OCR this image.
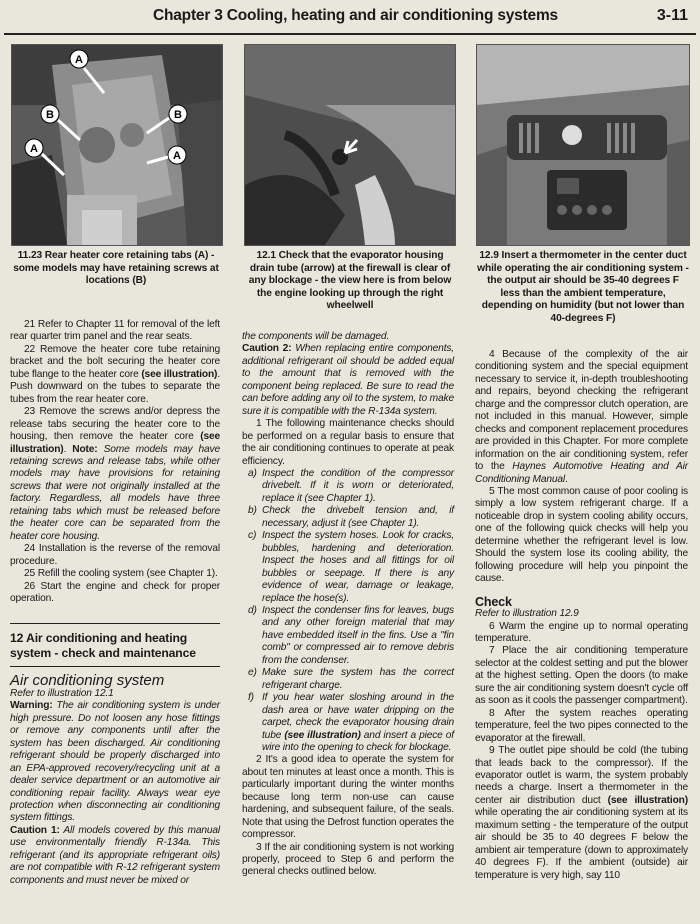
Chapter 3 Cooling, heating and air conditioning systems	3-11
A
B
A
B
A
11.23 Rear heater core retaining tabs (A) - some models may have retaining screws at locations (B)
12.1 Check that the evaporator housing drain tube (arrow) at the firewall is clear of any blockage - the view here is from below the engine looking up through the right wheelwell
12.9 Insert a thermometer in the center duct while operating the air conditioning system - the output air should be 35-40 degrees F less than the ambient temperature, depending on humidity (but not lower than 40-degrees F)

21 Refer to Chapter 11 for removal of the left rear quarter trim panel and the rear seats.

22 Remove the heater core tube retaining bracket and the bolt securing the heater core tube flange to the heater core (see illustration). Push downward on the tubes to separate the tubes from the rear heater core.

23 Remove the screws and/or depress the release tabs securing the heater core to the housing, then remove the heater core (see illustration). Note: Some models may have retaining screws and release tabs, while other models may have provisions for retaining screws that were not originally installed at the factory. Regardless, all models have three retaining tabs which must be released before the heater core can be separated from the heater core housing.

24 Installation is the reverse of the removal procedure.

25 Refill the cooling system (see Chapter 1).

26 Start the engine and check for proper operation.

12 Air conditioning and heating system - check and maintenance

Air conditioning system

Refer to illustration 12.1

Warning: The air conditioning system is under high pressure. Do not loosen any hose fittings or remove any components until after the system has been discharged. Air conditioning refrigerant should be properly discharged into an EPA-approved recovery/recycling unit at a dealer service department or an automotive air conditioning repair facility. Always wear eye protection when disconnecting air conditioning system fittings.

Caution 1: All models covered by this manual use environmentally friendly R-134a. This refrigerant (and its appropriate refrigerant oils) are not compatible with R-12 refrigerant system components and must never be mixed or

the components will be damaged.

Caution 2: When replacing entire components, additional refrigerant oil should be added equal to the amount that is removed with the component being replaced. Be sure to read the can before adding any oil to the system, to make sure it is compatible with the R-134a system.

1 The following maintenance checks should be performed on a regular basis to ensure that the air conditioning continues to operate at peak efficiency.

a) Inspect the condition of the compressor drivebelt. If it is worn or deteriorated, replace it (see Chapter 1).
b) Check the drivebelt tension and, if necessary, adjust it (see Chapter 1).
c) Inspect the system hoses. Look for cracks, bubbles, hardening and deterioration. Inspect the hoses and all fittings for oil bubbles or seepage. If there is any evidence of wear, damage or leakage, replace the hose(s).
d) Inspect the condenser fins for leaves, bugs and any other foreign material that may have embedded itself in the fins. Use a "fin comb" or compressed air to remove debris from the condenser.
e) Make sure the system has the correct refrigerant charge.
f) If you hear water sloshing around in the dash area or have water dripping on the carpet, check the evaporator housing drain tube (see illustration) and insert a piece of wire into the opening to check for blockage.

2 It's a good idea to operate the system for about ten minutes at least once a month. This is particularly important during the winter months because long term non-use can cause hardening, and subsequent failure, of the seals. Note that using the Defrost function operates the compressor.

3 If the air conditioning system is not working properly, proceed to Step 6 and perform the general checks outlined below.

4 Because of the complexity of the air conditioning system and the special equipment necessary to service it, in-depth troubleshooting and repairs, beyond checking the refrigerant charge and the compressor clutch operation, are not included in this manual. However, simple checks and component replacement procedures are provided in this Chapter. For more complete information on the air conditioning system, refer to the Haynes Automotive Heating and Air Conditioning Manual.

5 The most common cause of poor cooling is simply a low system refrigerant charge. If a noticeable drop in system cooling ability occurs, one of the following quick checks will help you determine whether the refrigerant level is low. Should the system lose its cooling ability, the following procedure will help you pinpoint the cause.

Check

Refer to illustration 12.9

6 Warm the engine up to normal operating temperature.

7 Place the air conditioning temperature selector at the coldest setting and put the blower at the highest setting. Open the doors (to make sure the air conditioning system doesn't cycle off as soon as it cools the passenger compartment).

8 After the system reaches operating temperature, feel the two pipes connected to the evaporator at the firewall.

9 The outlet pipe should be cold (the tubing that leads back to the compressor). If the evaporator outlet is warm, the system probably needs a charge. Insert a thermometer in the center air distribution duct (see illustration) while operating the air conditioning system at its maximum setting - the temperature of the output air should be 35 to 40 degrees F below the ambient air temperature (down to approximately 40 degrees F). If the ambient (outside) air temperature is very high, say 110
